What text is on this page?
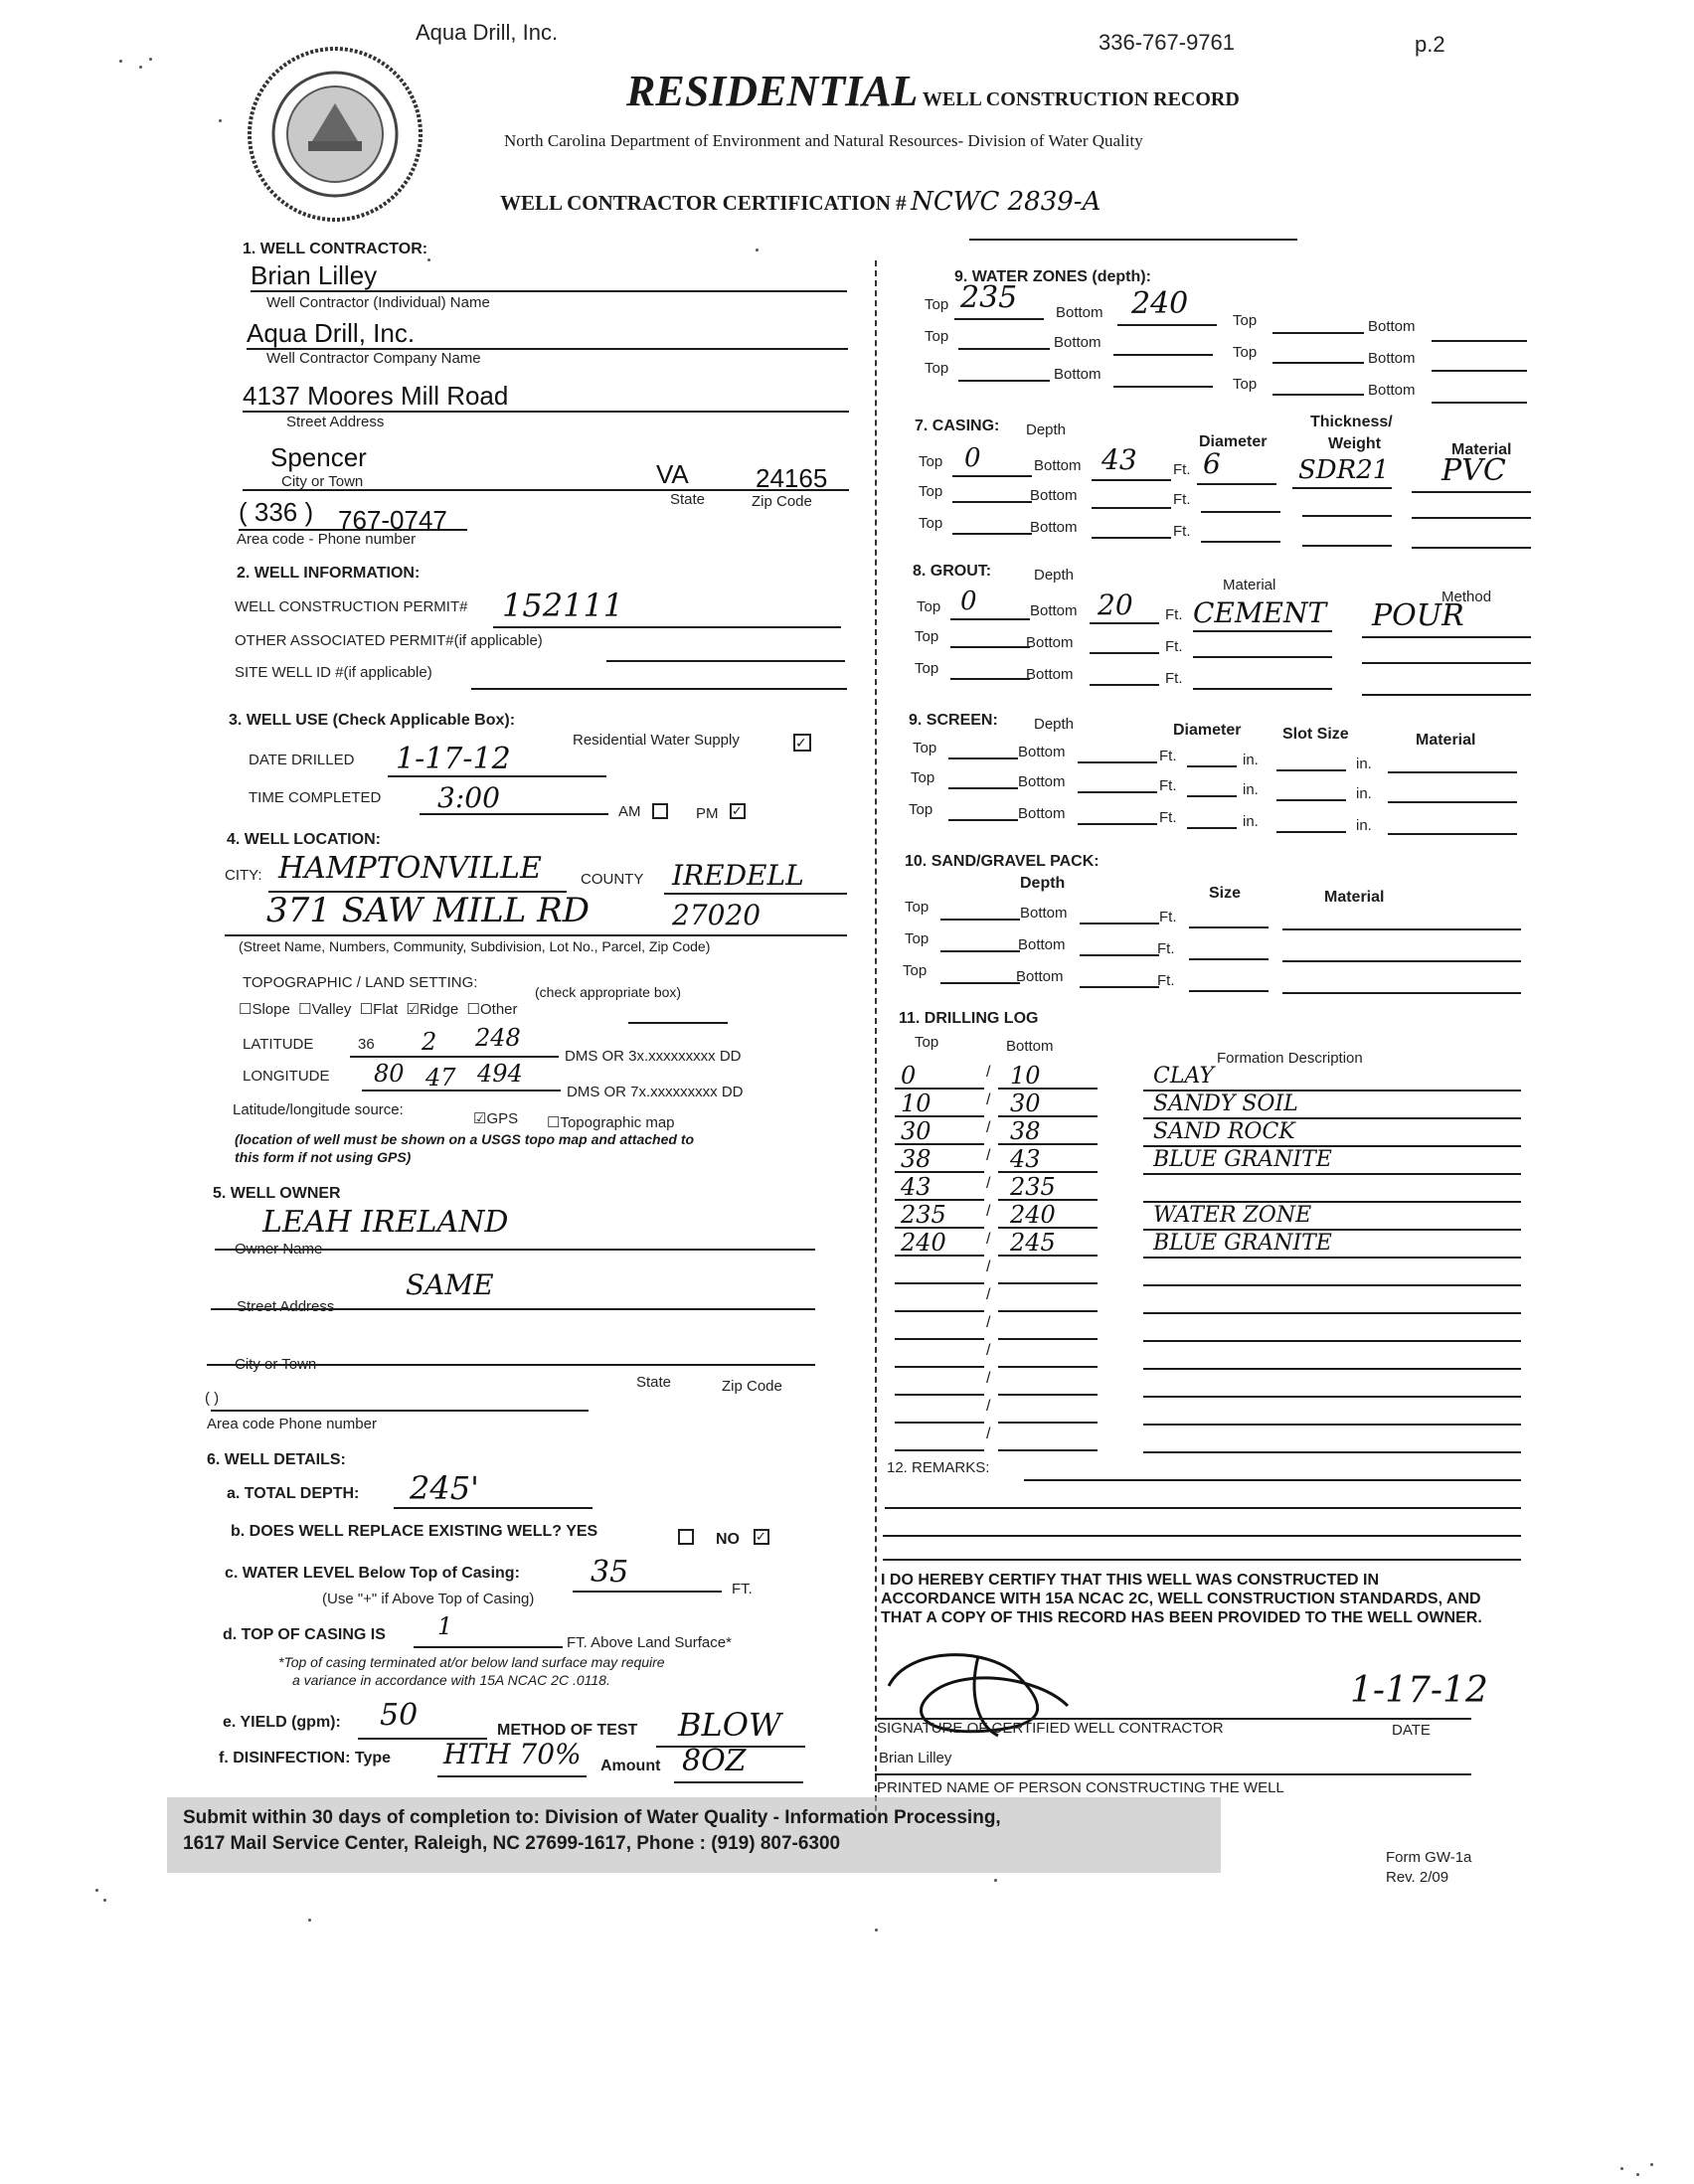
Aqua Drill, Inc.	336-767-9761	p.2
RESIDENTIAL WELL CONSTRUCTION RECORD
North Carolina Department of Environment and Natural Resources- Division of Water Quality
WELL CONTRACTOR CERTIFICATION # NCWC 2839-A
1. WELL CONTRACTOR:
Brian Lilley
Well Contractor (Individual) Name
Aqua Drill, Inc.
Well Contractor Company Name
4137 Moores Mill Road
Street Address
Spencer
VA	24165
City or Town
State	Zip Code
( 336 ) 767-0747
Area code - Phone number
2. WELL INFORMATION:
WELL CONSTRUCTION PERMIT# 152111
OTHER ASSOCIATED PERMIT#(if applicable)
SITE WELL ID #(if applicable)
3. WELL USE (Check Applicable Box):
Residential Water Supply	✓
DATE DRILLED 1-17-12
TIME COMPLETED 3:00	AM	PM ✓
4. WELL LOCATION:
CITY: HAMPTONVILLE	COUNTY IREDELL
371 SAW MILL RD	27020
(Street Name, Numbers, Community, Subdivision, Lot No., Parcel, Zip Code)
TOPOGRAPHIC / LAND SETTING:
(check appropriate box)
☐Slope ☐Valley ☐Flat ☑Ridge ☐Other
LATITUDE	36 2 248
DMS OR 3x.xxxxxxxxx DD
LONGITUDE 80 47 494
DMS OR 7x.xxxxxxxxx DD
Latitude/longitude source:
☑GPS ☐Topographic map
(location of well must be shown on a USGS topo map and attached to
this form if not using GPS)
5. WELL OWNER
LEAH IRELAND
Owner Name
SAME
Street Address
City or Town
State	Zip Code
( )
Area code Phone number
6. WELL DETAILS:
a. TOTAL DEPTH: 245'
b. DOES WELL REPLACE EXISTING WELL? YES	NO ✓
c. WATER LEVEL Below Top of Casing: 35	FT.
(Use "+" if Above Top of Casing)
d. TOP OF CASING IS 1
FT. Above Land Surface*
*Top of casing terminated at/or below land surface may require
a variance in accordance with 15A NCAC 2C .0118.
e. YIELD (gpm): 50	METHOD OF TEST BLOW
f. DISINFECTION: Type HTH 70% Amount 8OZ
9. WATER ZONES (depth):
Top 235	Bottom 240	Top	Bottom
Top	Bottom
Top	Bottom
Top	Bottom
Top	Bottom
7. CASING: Depth
Diameter
Thickness/
Weight	Material
Top 0	Bottom 43 Ft. 6	SDR21 PVC
Top	Bottom	Ft.
Top	Bottom	Ft.
8. GROUT:	Depth
Material
Method
Top 0	Bottom 20 Ft. CEMENT POUR
Top	Bottom	Ft.
Top	Bottom	Ft.
9. SCREEN: Depth	Diameter	Slot Size	Material
Top	Bottom	Ft.	in.	in.
Top	Bottom	Ft.	in.	in.
Top	Bottom	Ft.	in.	in.
10. SAND/GRAVEL PACK:
Depth
Size	Material
Top	Bottom	Ft.
Top	Bottom	Ft.
Top	Bottom	Ft.
11. DRILLING LOG
Top	Bottom
Formation Description
/
0	10	CLAY
/
10	30	SANDY SOIL
/
30	38	SAND ROCK
/
38	43	BLUE GRANITE
/
43	235
/
235	240	WATER ZONE
/
240	245	BLUE GRANITE
/
/
/
/
/
/
/
12. REMARKS:
I DO HEREBY CERTIFY THAT THIS WELL WAS CONSTRUCTED IN ACCORDANCE WITH 15A NCAC 2C, WELL CONSTRUCTION STANDARDS, AND THAT A COPY OF THIS RECORD HAS BEEN PROVIDED TO THE WELL OWNER.
1-17-12
SIGNATURE OF CERTIFIED WELL CONTRACTOR	DATE
Brian Lilley
PRINTED NAME OF PERSON CONSTRUCTING THE WELL
Submit within 30 days of completion to: Division of Water Quality - Information Processing,
1617 Mail Service Center, Raleigh, NC 27699-1617, Phone : (919) 807-6300
Form GW-1a
Rev. 2/09
